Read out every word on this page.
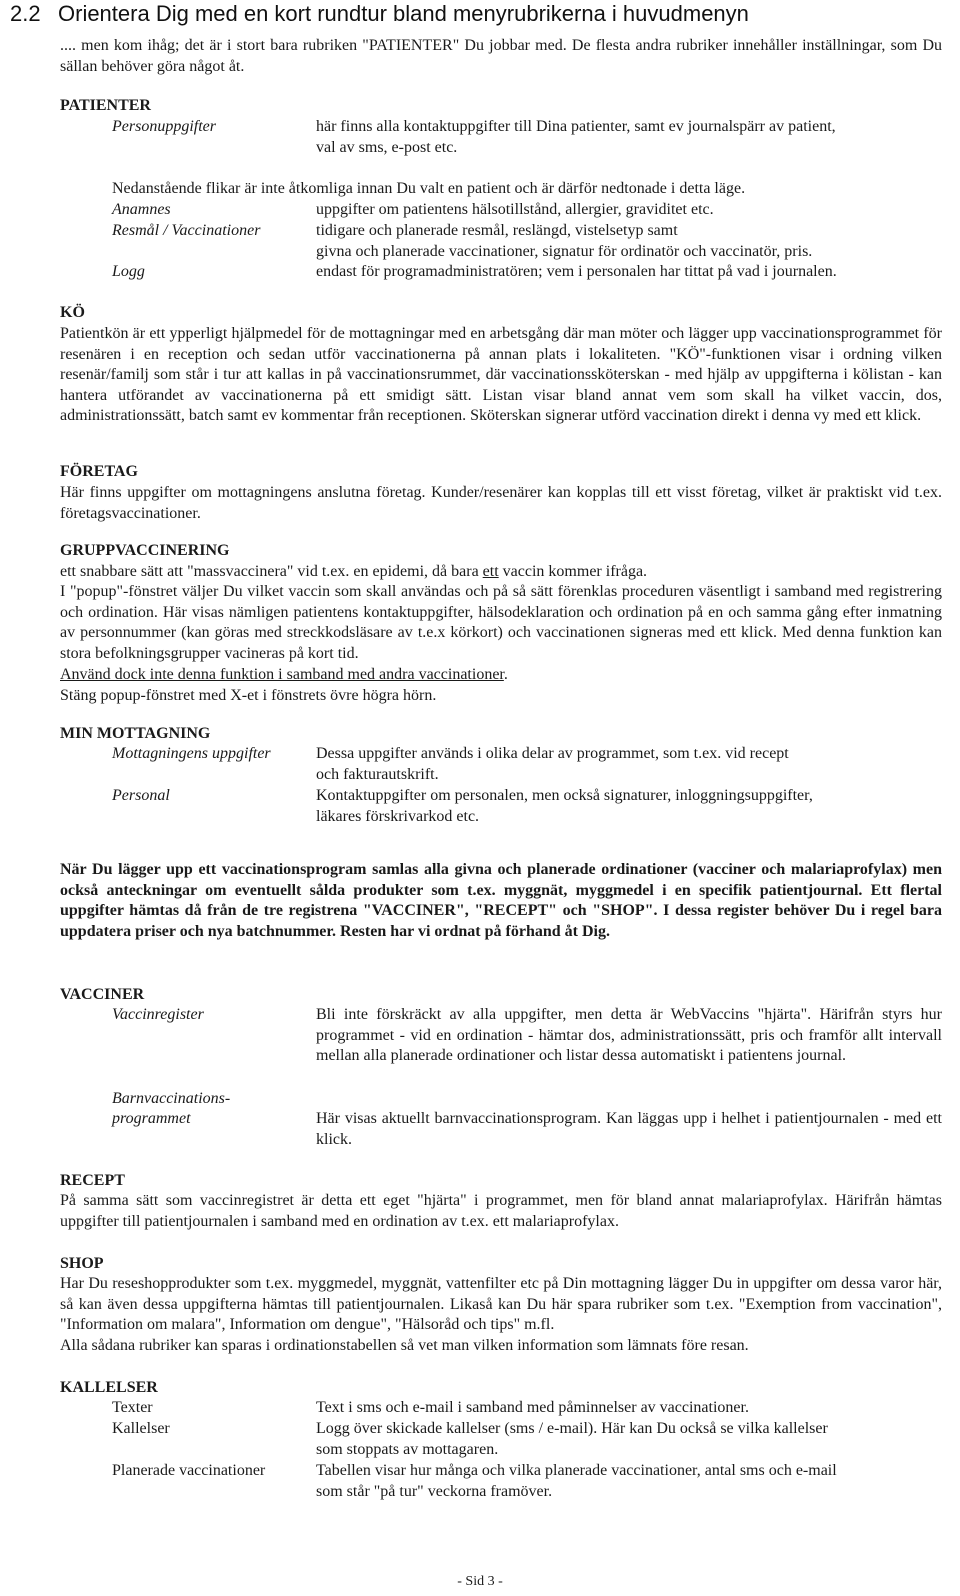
2.2 Orientera Dig med en kort rundtur bland menyrubrikerna i huvudmenyn
.... men kom ihåg; det är i stort bara rubriken "PATIENTER" Du jobbar med. De flesta andra rubriker innehåller inställningar, som Du sällan behöver göra något åt.
PATIENTER
Personuppgifter	här finns alla kontaktuppgifter till Dina patienter, samt ev journalspärr av patient,
val av sms, e-post etc.
Nedanstående flikar är inte åtkomliga innan Du valt en patient och är därför nedtonade i detta läge.
Anamnes	uppgifter om patientens hälsotillstånd, allergier, graviditet etc.
Resmål / Vaccinationer	tidigare och planerade resmål, reslängd, vistelsetyp samt
givna och planerade vaccinationer, signatur för ordinatör och vaccinatör, pris.
Logg	endast för programadministratören; vem i personalen har tittat på vad i journalen.
KÖ
Patientkön är ett ypperligt hjälpmedel för de mottagningar med en arbetsgång där man möter och lägger upp vaccinationsprogrammet för resenären i en reception och sedan utför vaccinationerna på annan plats i lokaliteten. "KÖ"-funktionen visar i ordning vilken resenär/familj som står i tur att kallas in på vaccinationsrummet, där vaccinationssköterskan - med hjälp av uppgifterna i kölistan - kan hantera utförandet av vaccinationerna på ett smidigt sätt. Listan visar bland annat vem som skall ha vilket vaccin, dos, administrationssätt, batch samt ev kommentar från receptionen. Sköterskan signerar utförd vaccination direkt i denna vy med ett klick.
FÖRETAG
Här finns uppgifter om mottagningens anslutna företag. Kunder/resenärer kan kopplas till ett visst företag, vilket är praktiskt vid t.ex. företagsvaccinationer.
GRUPPVACCINERING
ett snabbare sätt att "massvaccinera" vid t.ex. en epidemi, då bara ett vaccin kommer ifråga.
I "popup"-fönstret väljer Du vilket vaccin som skall användas och på så sätt förenklas proceduren väsentligt i samband med registrering och ordination. Här visas nämligen patientens kontaktuppgifter, hälsodeklaration och ordination på en och samma gång efter inmatning av personnummer (kan göras med streckkodsläsare av t.e.x körkort) och vaccinationen signeras med ett klick. Med denna funktion kan stora befolkningsgrupper vacineras på kort tid.
Använd dock inte denna funktion i samband med andra vaccinationer.
Stäng popup-fönstret med X-et i fönstrets övre högra hörn.
MIN MOTTAGNING
Mottagningens uppgifter	Dessa uppgifter används i olika delar av programmet, som t.ex. vid recept
och fakturautskrift.
Personal	Kontaktuppgifter om personalen, men också signaturer, inloggningsuppgifter,
läkares förskrivarkod etc.
När Du lägger upp ett vaccinationsprogram samlas alla givna och planerade ordinationer (vacciner och malariaprofylax) men också anteckningar om eventuellt sålda produkter som t.ex. myggnät, myggmedel i en specifik patientjournal. Ett flertal uppgifter hämtas då från de tre registrena "VACCINER", "RECEPT" och "SHOP". I dessa register behöver Du i regel bara uppdatera priser och nya batchnummer. Resten har vi ordnat på förhand åt Dig.
VACCINER
Vaccinregister	Bli inte förskräckt av alla uppgifter, men detta är WebVaccins "hjärta". Härifrån styrs hur programmet - vid en ordination - hämtar dos, administrationssätt, pris och framför allt intervall mellan alla planerade ordinationer och listar dessa automatiskt i patientens journal.
Barnvaccinations-
programmet	Här visas aktuellt barnvaccinationsprogram. Kan läggas upp i helhet i patientjournalen - med ett klick.
RECEPT
På samma sätt som vaccinregistret är detta ett eget "hjärta" i programmet, men för bland annat malariaprofylax. Härifrån hämtas uppgifter till patientjournalen i samband med en ordination av t.ex. ett malariaprofylax.
SHOP
Har Du reseshopprodukter som t.ex. myggmedel, myggnät, vattenfilter etc på Din mottagning lägger Du in uppgifter om dessa varor här, så kan även dessa uppgifterna hämtas till patientjournalen. Likaså kan Du här spara rubriker som t.ex. "Exemption from vaccination", "Information om malara", Information om dengue", "Hälsoråd och tips" m.fl.
Alla sådana rubriker kan sparas i ordinationstabellen så vet man vilken information som lämnats före resan.
KALLELSER
Texter	Text i sms och e-mail i samband med påminnelser av vaccinationer.
Kallelser	Logg över skickade kallelser (sms / e-mail). Här kan Du också se vilka kallelser
som stoppats av mottagaren.
Planerade vaccinationer	Tabellen visar hur många och vilka planerade vaccinationer, antal sms och e-mail
som står "på tur" veckorna framöver.
- Sid 3 -
